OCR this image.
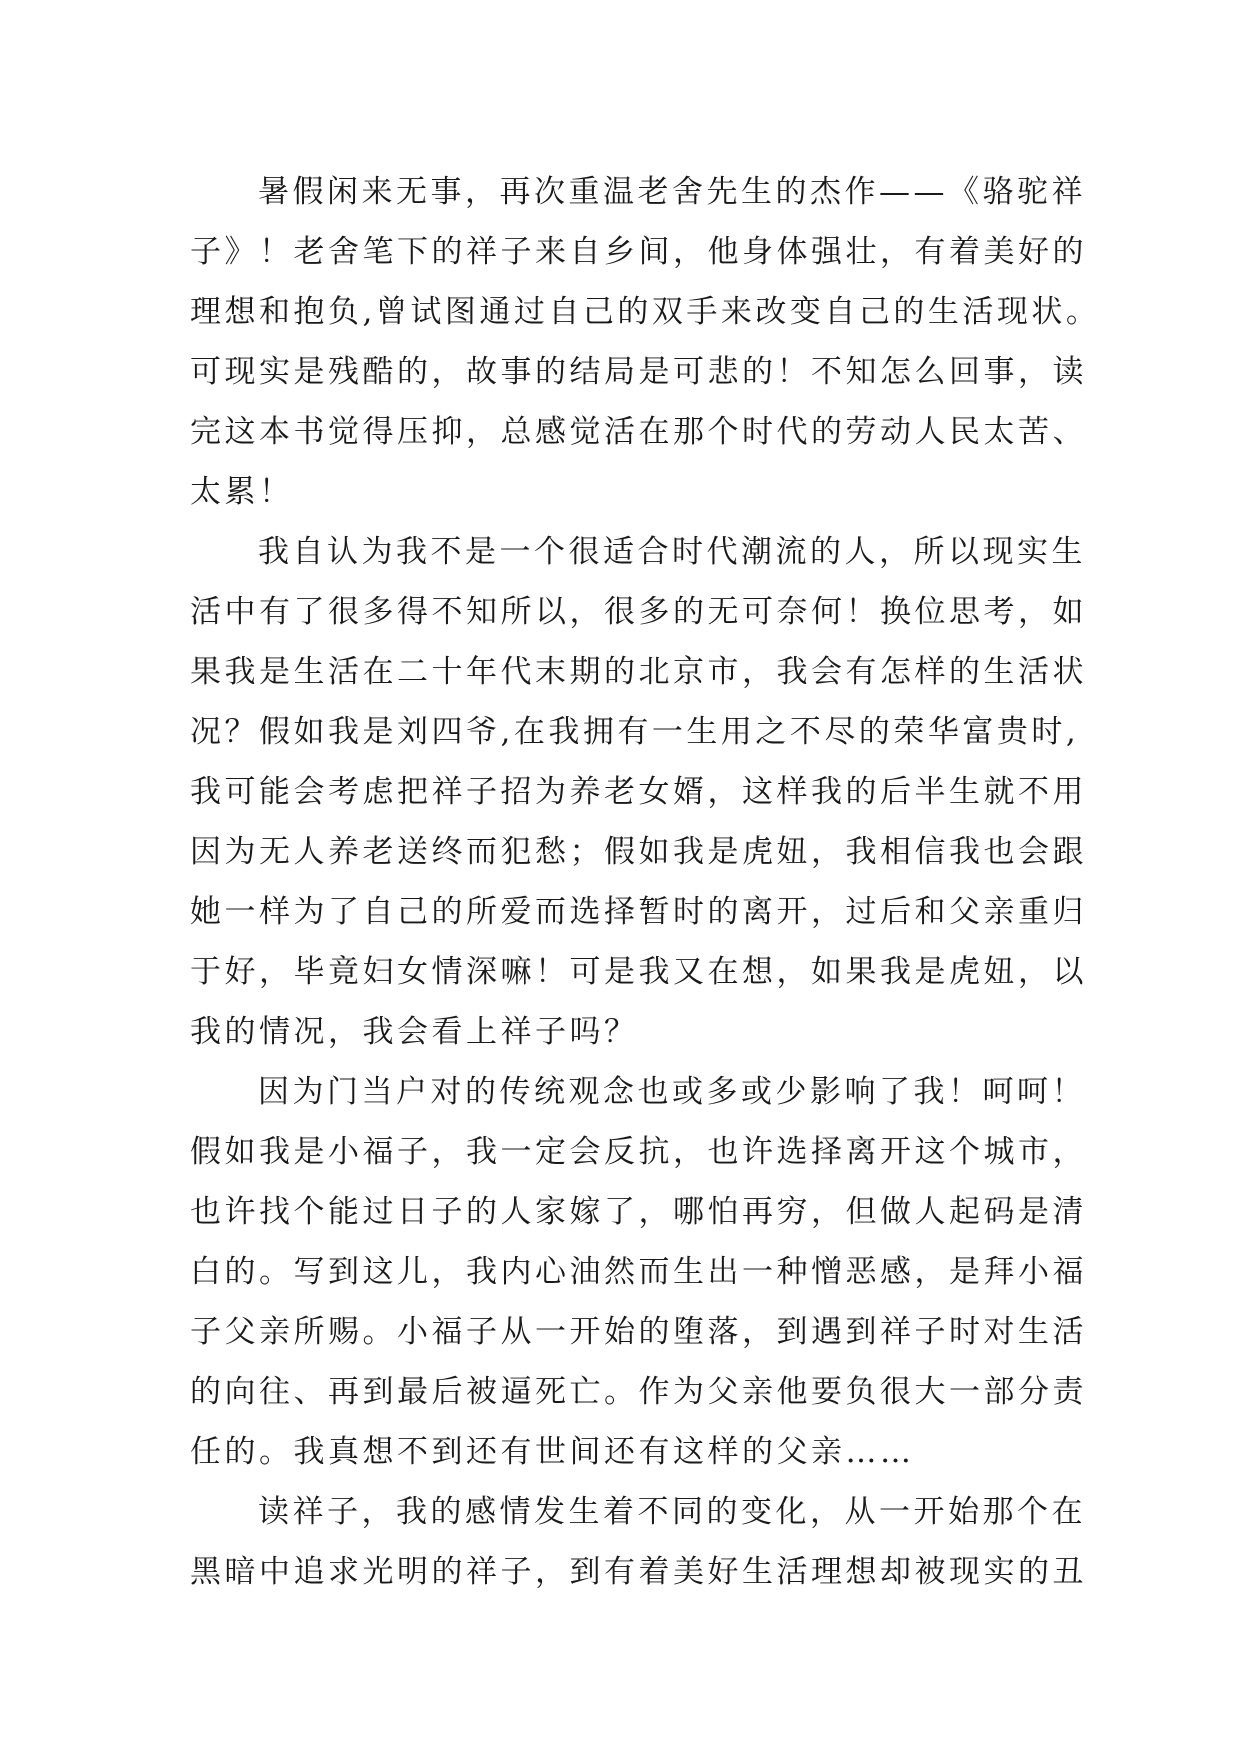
暑假闲来无事，再次重温老舍先生的杰作——《骆驼祥
子》！老舍笔下的祥子来自乡间，他身体强壮，有着美好的
理想和抱负,曾试图通过自己的双手来改变自己的生活现状。
可现实是残酷的，故事的结局是可悲的！不知怎么回事，读
完这本书觉得压抑，总感觉活在那个时代的劳动人民太苦、
太累！
我自认为我不是一个很适合时代潮流的人，所以现实生
活中有了很多得不知所以，很多的无可奈何！换位思考，如
果我是生活在二十年代末期的北京市，我会有怎样的生活状
况？假如我是刘四爷,在我拥有一生用之不尽的荣华富贵时,
我可能会考虑把祥子招为养老女婿，这样我的后半生就不用
因为无人养老送终而犯愁；假如我是虎妞，我相信我也会跟
她一样为了自己的所爱而选择暂时的离开，过后和父亲重归
于好，毕竟妇女情深嘛！可是我又在想，如果我是虎妞，以
我的情况，我会看上祥子吗？
因为门当户对的传统观念也或多或少影响了我！呵呵！
假如我是小福子，我一定会反抗，也许选择离开这个城市，
也许找个能过日子的人家嫁了，哪怕再穷，但做人起码是清
白的。写到这儿，我内心油然而生出一种憎恶感，是拜小福
子父亲所赐。小福子从一开始的堕落，到遇到祥子时对生活
的向往、再到最后被逼死亡。作为父亲他要负很大一部分责
任的。我真想不到还有世间还有这样的父亲……
读祥子，我的感情发生着不同的变化，从一开始那个在
黑暗中追求光明的祥子，到有着美好生活理想却被现实的丑
